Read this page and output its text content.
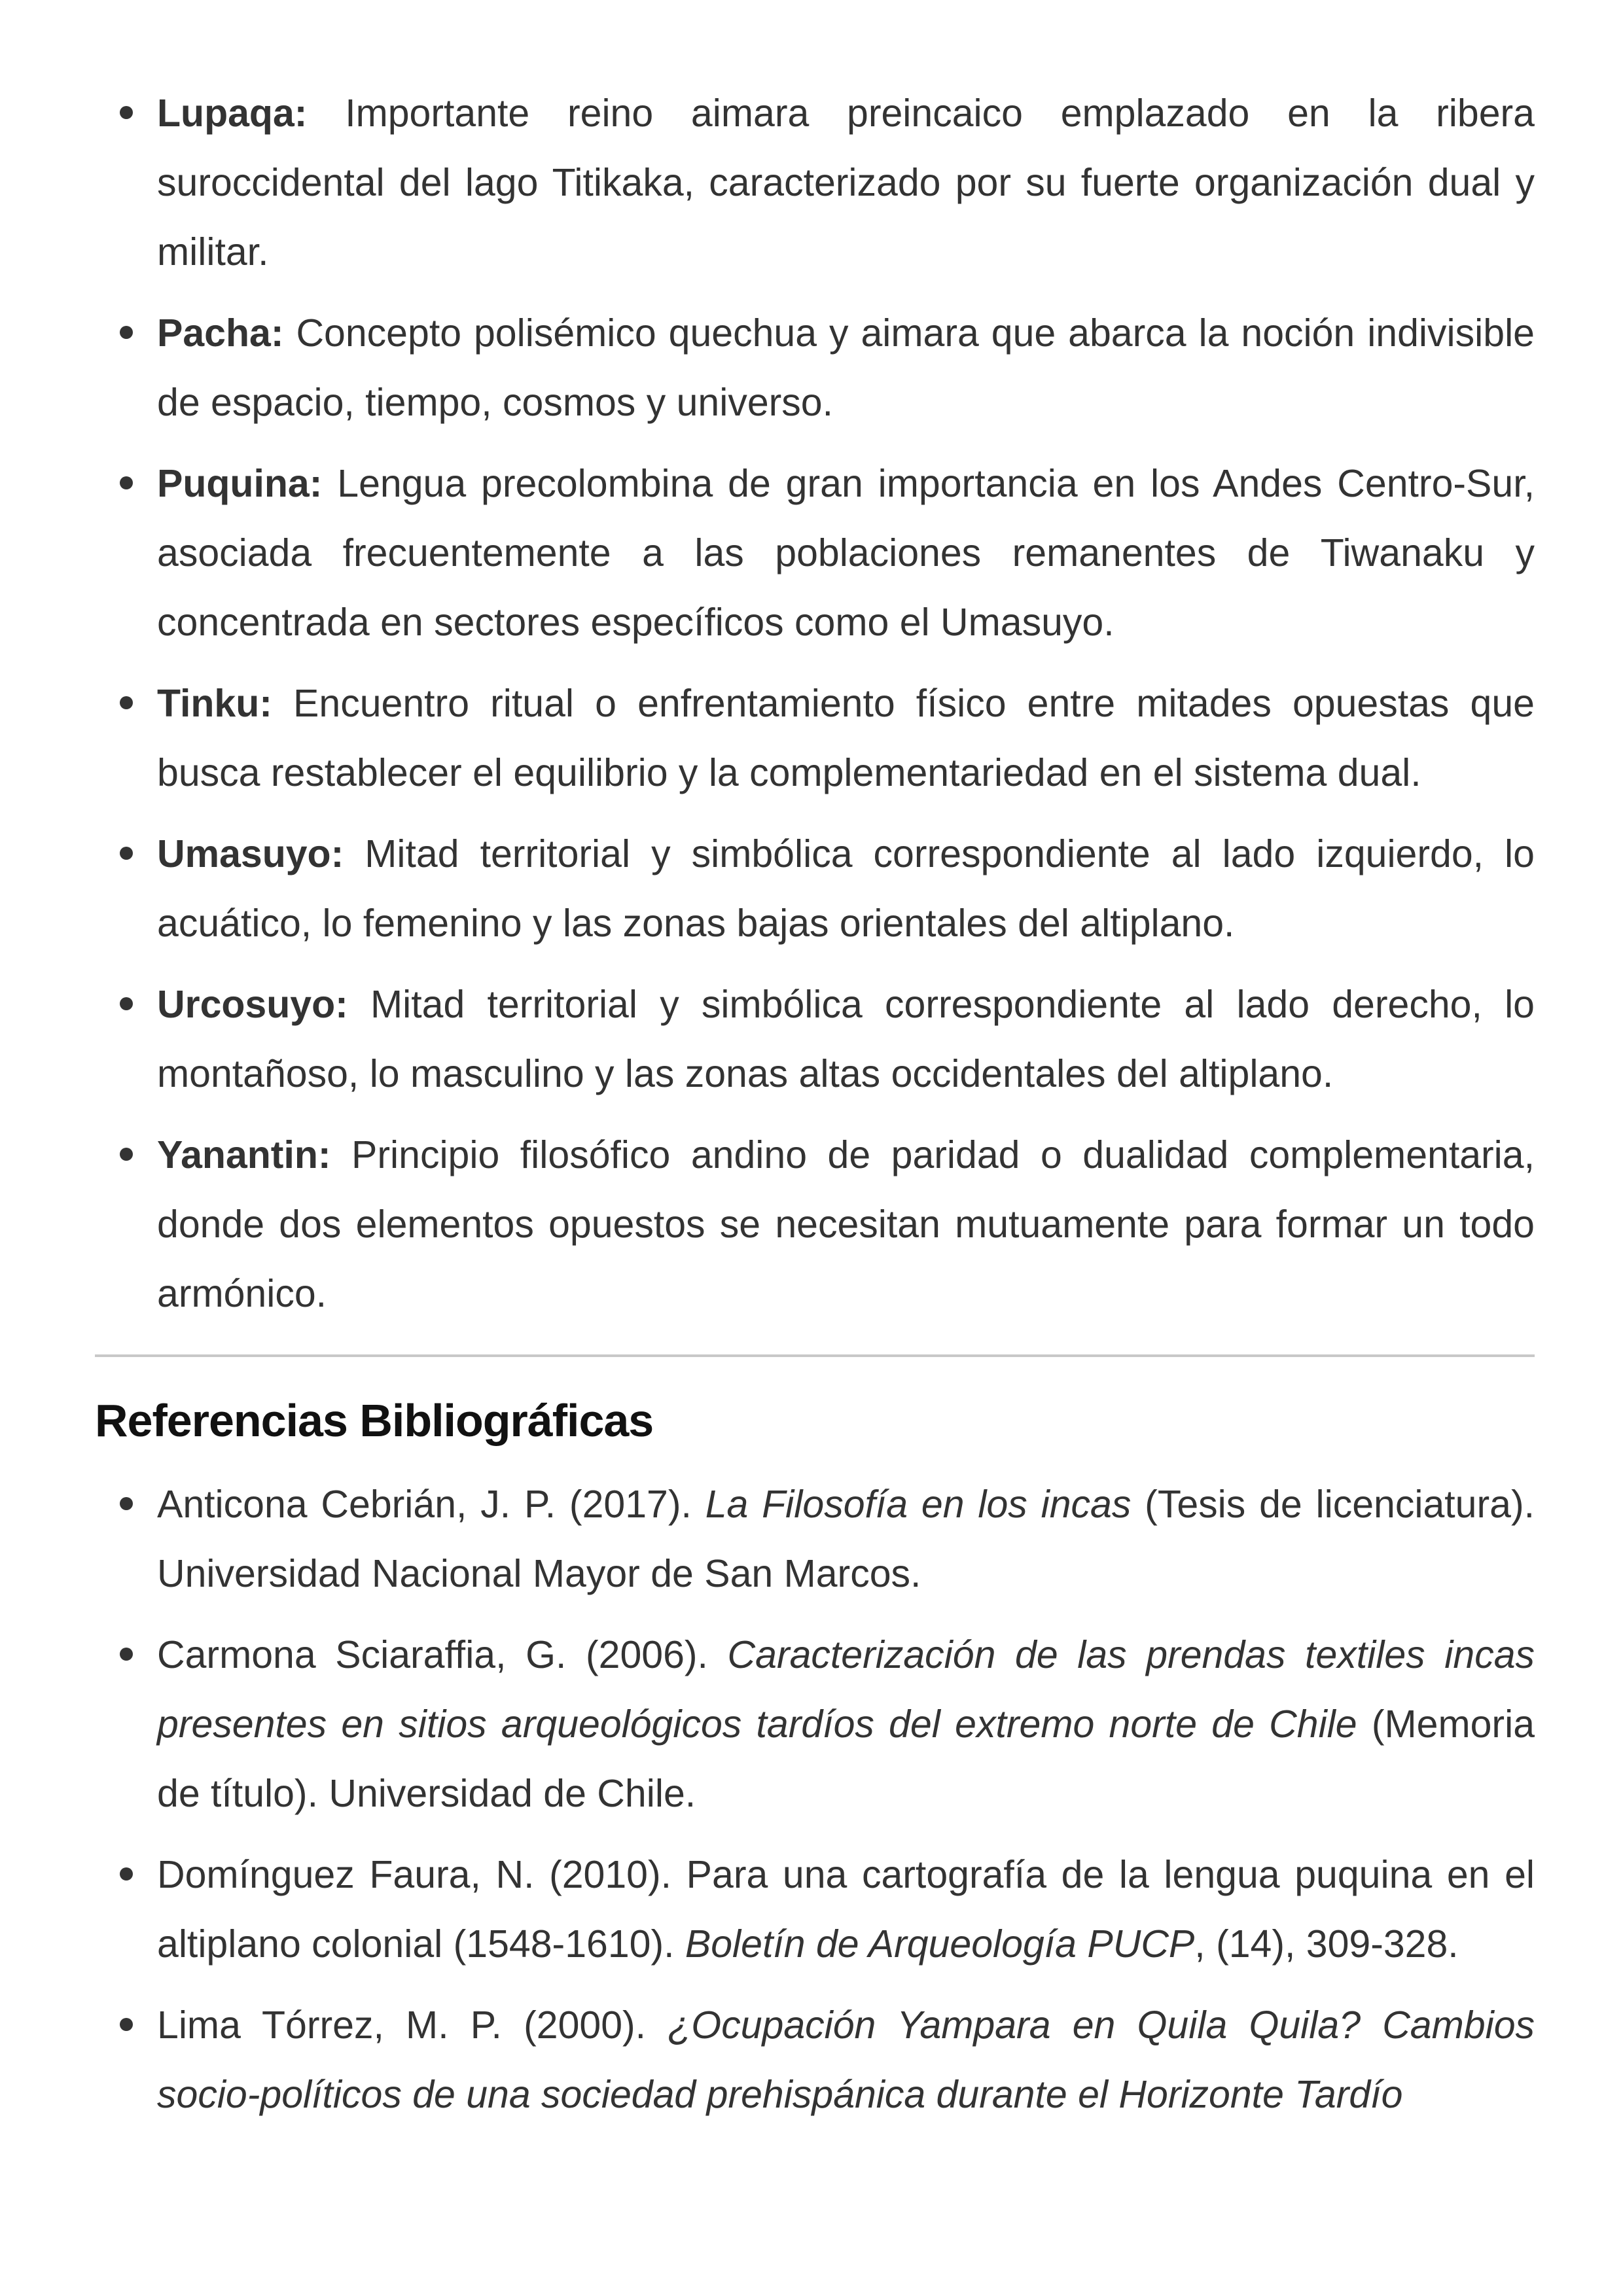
Lupaqa: Importante reino aimara preincaico emplazado en la ribera suroccidental del lago Titikaka, caracterizado por su fuerte organización dual y militar.
Pacha: Concepto polisémico quechua y aimara que abarca la noción indivisible de espacio, tiempo, cosmos y universo.
Puquina: Lengua precolombina de gran importancia en los Andes Centro-Sur, asociada frecuentemente a las poblaciones remanentes de Tiwanaku y concentrada en sectores específicos como el Umasuyo.
Tinku: Encuentro ritual o enfrentamiento físico entre mitades opuestas que busca restablecer el equilibrio y la complementariedad en el sistema dual.
Umasuyo: Mitad territorial y simbólica correspondiente al lado izquierdo, lo acuático, lo femenino y las zonas bajas orientales del altiplano.
Urcosuyo: Mitad territorial y simbólica correspondiente al lado derecho, lo montañoso, lo masculino y las zonas altas occidentales del altiplano.
Yanantin: Principio filosófico andino de paridad o dualidad complementaria, donde dos elementos opuestos se necesitan mutuamente para formar un todo armónico.
Referencias Bibliográficas
Anticona Cebrián, J. P. (2017). La Filosofía en los incas (Tesis de licenciatura). Universidad Nacional Mayor de San Marcos.
Carmona Sciaraffia, G. (2006). Caracterización de las prendas textiles incas presentes en sitios arqueológicos tardíos del extremo norte de Chile (Memoria de título). Universidad de Chile.
Domínguez Faura, N. (2010). Para una cartografía de la lengua puquina en el altiplano colonial (1548-1610). Boletín de Arqueología PUCP, (14), 309-328.
Lima Tórrez, M. P. (2000). ¿Ocupación Yampara en Quila Quila? Cambios socio-políticos de una sociedad prehispánica durante el Horizonte Tardío
